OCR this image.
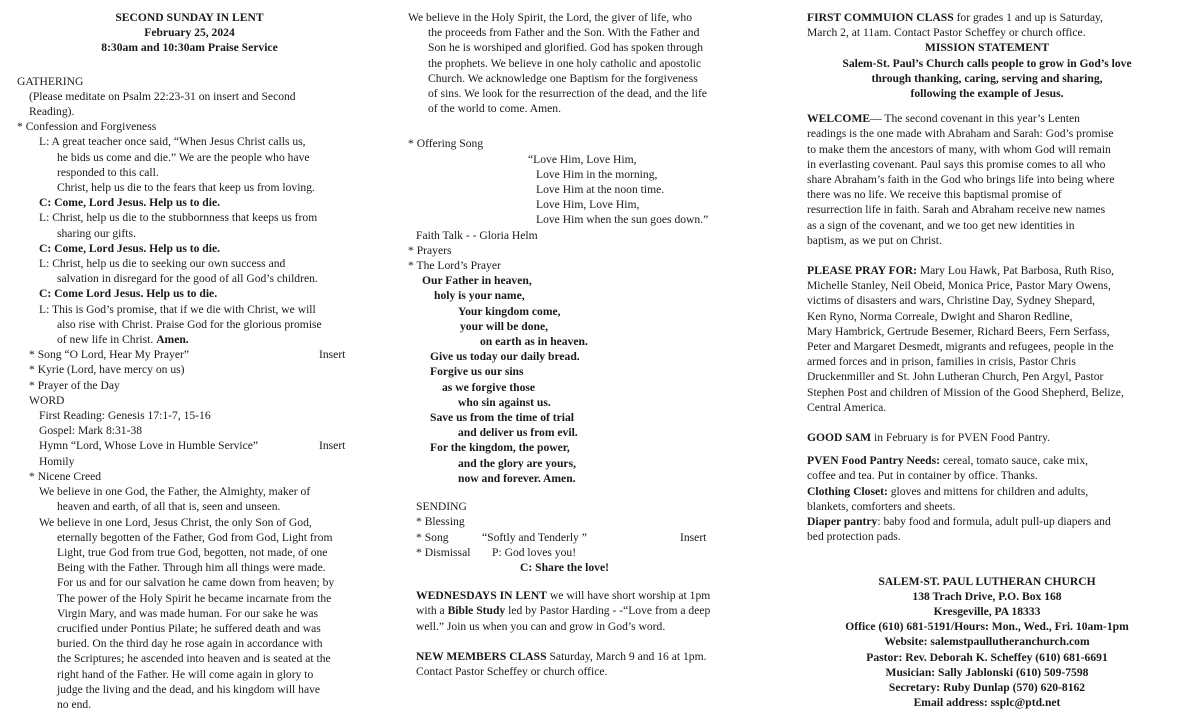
SECOND SUNDAY IN LENT
February 25, 2024
8:30am and 10:30am Praise Service
GATHERING
(Please meditate on Psalm 22:23-31 on insert and Second
Reading).
* Confession and Forgiveness
L: A great teacher once said, “When Jesus Christ calls us,
he bids us come and die.” We are the people who have
responded to this call.
Christ, help us die to the fears that keep us from loving.
C: Come, Lord Jesus. Help us to die.
L: Christ, help us die to the stubbornness that keeps us from
sharing our gifts.
C: Come, Lord Jesus. Help us to die.
L: Christ, help us die to seeking our own success and
salvation in disregard for the good of all God’s children.
C: Come Lord Jesus. Help us to die.
L: This is God’s promise, that if we die with Christ, we will
also rise with Christ. Praise God for the glorious promise
of new life in Christ. Amen.
* Song “O Lord, Hear My Prayer”	Insert
* Kyrie (Lord, have mercy on us)
* Prayer of the Day
WORD
First Reading: Genesis 17:1-7, 15-16
Gospel: Mark 8:31-38
Hymn “Lord, Whose Love in Humble Service”	Insert
Homily
* Nicene Creed
We believe in one God, the Father, the Almighty, maker of
heaven and earth, of all that is, seen and unseen.
We believe in one Lord, Jesus Christ, the only Son of God,
eternally begotten of the Father, God from God, Light from
Light, true God from true God, begotten, not made, of one
Being with the Father. Through him all things were made.
For us and for our salvation he came down from heaven; by
The power of the Holy Spirit he became incarnate from the
Virgin Mary, and was made human. For our sake he was
crucified under Pontius Pilate; he suffered death and was
buried. On the third day he rose again in accordance with
the Scriptures; he ascended into heaven and is seated at the
right hand of the Father. He will come again in glory to
judge the living and the dead, and his kingdom will have
no end.
We believe in the Holy Spirit, the Lord, the giver of life, who
the proceeds from Father and the Son. With the Father and
Son he is worshiped and glorified. God has spoken through
the prophets. We believe in one holy catholic and apostolic
Church. We acknowledge one Baptism for the forgiveness
of sins. We look for the resurrection of the dead, and the life
of the world to come. Amen.
* Offering Song
“Love Him, Love Him,
Love Him in the morning,
Love Him at the noon time.
Love Him, Love Him,
Love Him when the sun goes down.”
Faith Talk - - Gloria Helm
* Prayers
* The Lord’s Prayer
Our Father in heaven,
holy is your name,
Your kingdom come,
your will be done,
on earth as in heaven.
Give us today our daily bread.
Forgive us our sins
as we forgive those
who sin against us.
Save us from the time of trial
and deliver us from evil.
For the kingdom, the power,
and the glory are yours,
now and forever. Amen.
SENDING
* Blessing
* Song	“Softly and Tenderly ”	Insert
* Dismissal P: God loves you!
C: Share the love!
WEDNESDAYS IN LENT we will have short worship at 1pm
with a Bible Study led by Pastor Harding - -“Love from a deep
well.” Join us when you can and grow in God’s word.
NEW MEMBERS CLASS Saturday, March 9 and 16 at 1pm.
Contact Pastor Scheffey or church office.
FIRST COMMUION CLASS for grades 1 and up is Saturday,
March 2, at 11am. Contact Pastor Scheffey or church office.
MISSION STATEMENT
Salem-St. Paul’s Church calls people to grow in God’s love
through thanking, caring, serving and sharing,
following the example of Jesus.
WELCOME— The second covenant in this year’s Lenten
readings is the one made with Abraham and Sarah: God’s promise
to make them the ancestors of many, with whom God will remain
in everlasting covenant. Paul says this promise comes to all who
share Abraham’s faith in the God who brings life into being where
there was no life. We receive this baptismal promise of
resurrection life in faith. Sarah and Abraham receive new names
as a sign of the covenant, and we too get new identities in
baptism, as we put on Christ.
PLEASE PRAY FOR: Mary Lou Hawk, Pat Barbosa, Ruth Riso,
Michelle Stanley, Neil Obeid, Monica Price, Pastor Mary Owens,
victims of disasters and wars, Christine Day, Sydney Shepard,
Ken Ryno, Norma Correale, Dwight and Sharon Redline,
Mary Hambrick, Gertrude Besemer, Richard Beers, Fern Serfass,
Peter and Margaret Desmedt, migrants and refugees, people in the
armed forces and in prison, families in crisis, Pastor Chris
Druckenmiller and St. John Lutheran Church, Pen Argyl, Pastor
Stephen Post and children of Mission of the Good Shepherd, Belize,
Central America.
GOOD SAM in February is for PVEN Food Pantry.
PVEN Food Pantry Needs: cereal, tomato sauce, cake mix,
coffee and tea. Put in container by office. Thanks.
Clothing Closet: gloves and mittens for children and adults,
blankets, comforters and sheets.
Diaper pantry: baby food and formula, adult pull-up diapers and
bed protection pads.
SALEM-ST. PAUL LUTHERAN CHURCH
138 Trach Drive, P.O. Box 168
Kresgeville, PA 18333
Office (610) 681-5191/Hours: Mon., Wed., Fri. 10am-1pm
Website: salemstpaullutheranchurch.com
Pastor: Rev. Deborah K. Scheffey (610) 681-6691
Musician: Sally Jablonski (610) 509-7598
Secretary: Ruby Dunlap (570) 620-8162
Email address: ssplc@ptd.net
